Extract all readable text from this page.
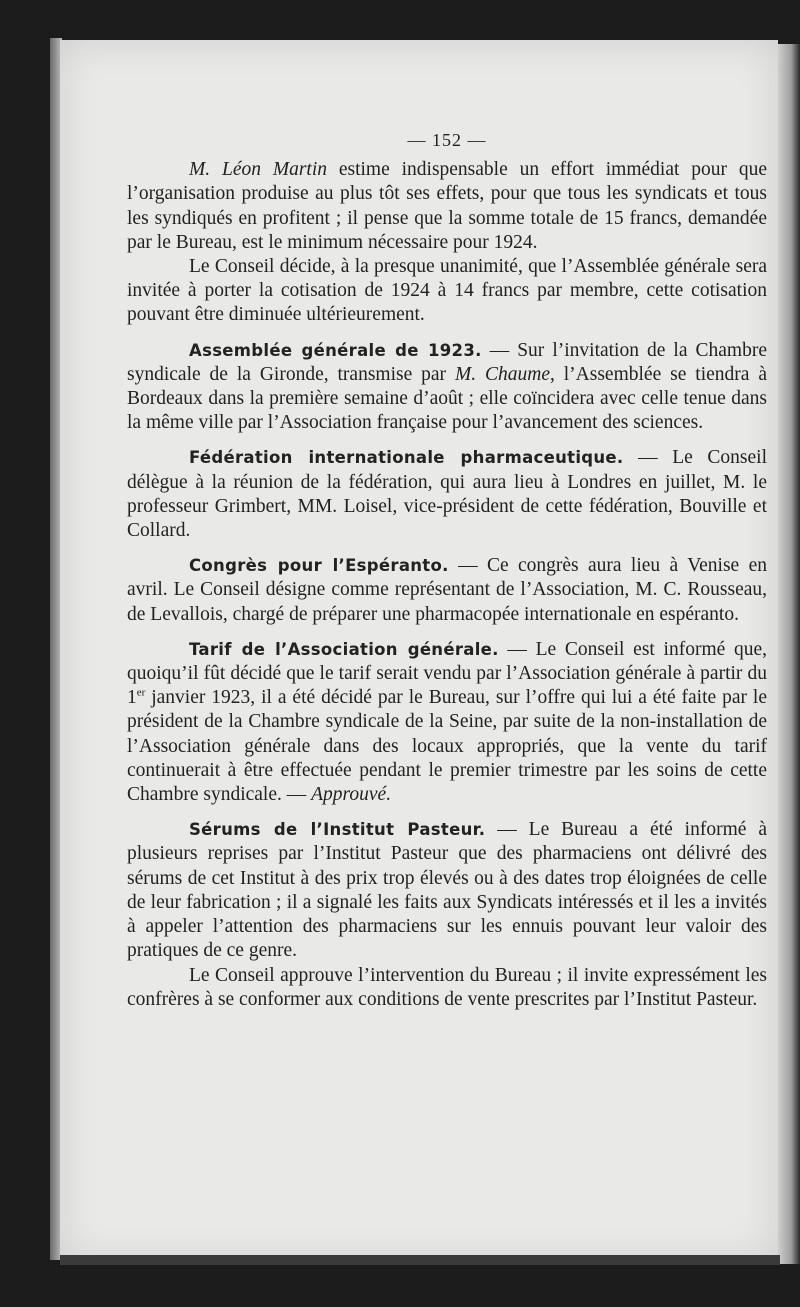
— 152 —

M. Léon Martin estime indispensable un effort immédiat pour que l’organisation produise au plus tôt ses effets, pour que tous les syndicats et tous les syndiqués en profitent ; il pense que la somme totale de 15 francs, demandée par le Bureau, est le minimum nécessaire pour 1924.

Le Conseil décide, à la presque unanimité, que l’Assemblée générale sera invitée à porter la cotisation de 1924 à 14 francs par membre, cette cotisation pouvant être diminuée ultérieurement.

Assemblée générale de 1923. — Sur l’invitation de la Chambre syndicale de la Gironde, transmise par M. Chaume, l’Assemblée se tiendra à Bordeaux dans la première semaine d’août ; elle coïncidera avec celle tenue dans la même ville par l’Association française pour l’avancement des sciences.

Fédération internationale pharmaceutique. — Le Conseil délègue à la réunion de la fédération, qui aura lieu à Londres en juillet, M. le professeur Grimbert, MM. Loisel, vice-président de cette fédération, Bouville et Collard.

Congrès pour l’Espéranto. — Ce congrès aura lieu à Venise en avril. Le Conseil désigne comme représentant de l’Association, M. C. Rousseau, de Levallois, chargé de préparer une pharmacopée internationale en espéranto.

Tarif de l’Association générale. — Le Conseil est informé que, quoiqu’il fût décidé que le tarif serait vendu par l’Association générale à partir du 1er janvier 1923, il a été décidé par le Bureau, sur l’offre qui lui a été faite par le président de la Chambre syndicale de la Seine, par suite de la non-installation de l’Association générale dans des locaux appropriés, que la vente du tarif continuerait à être effectuée pendant le premier trimestre par les soins de cette Chambre syndicale. — Approuvé.

Sérums de l’Institut Pasteur. — Le Bureau a été informé à plusieurs reprises par l’Institut Pasteur que des pharmaciens ont délivré des sérums de cet Institut à des prix trop élevés ou à des dates trop éloignées de celle de leur fabrication ; il a signalé les faits aux Syndicats intéressés et il les a invités à appeler l’attention des pharmaciens sur les ennuis pouvant leur valoir des pratiques de ce genre.

Le Conseil approuve l’intervention du Bureau ; il invite expressément les confrères à se conformer aux conditions de vente prescrites par l’Institut Pasteur.
